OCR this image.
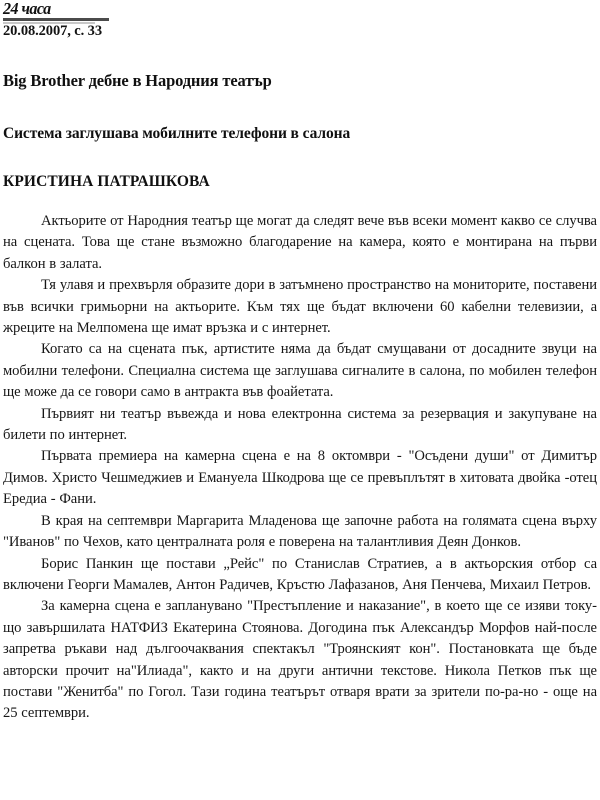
24 часа
20.08.2007, с. 33
Big Brother дебне в Народния театър
Система заглушава мобилните телефони в салона
КРИСТИНА ПАТРАШКОВА

Актьорите от Народния театър ще могат да следят вече във всеки момент какво се случва на сцената. Това ще стане възможно благодарение на камера, която е монтирана на първи балкон в залата.

Тя улавя и прехвърля образите дори в затъмнено пространство на мониторите, поставени във всички гримьорни на актьорите. Към тях ще бъдат включени 60 кабелни телевизии, а жреците на Мелпомена ще имат връзка и с интернет.

Когато са на сцената пък, артистите няма да бъдат смущавани от досадните звуци на мобилни телефони. Специална система ще заглушава сигналите в салона, по мобилен телефон ще може да се говори само в антракта във фоайетата.

Първият ни театър въвежда и нова електронна система за резервация и закупуване на билети по интернет.

Първата премиера на камерна сцена е на 8 октомври - "Осъдени души" от Димитър Димов. Христо Чешмеджиев и Емануела Шкодрова ще се превъплътят в хитовата двойка -отец Ередиа - Фани.

В края на септември Маргарита Младенова ще започне работа на голямата сцена върху "Иванов" по Чехов, като централната роля е поверена на талантливия Деян Донков.

Борис Панкин ще постави „Рейс" по Станислав Стратиев, а в актьорския отбор са включени Георги Мамалев, Антон Радичев, Кръстю Лафазанов, Аня Пенчева, Михаил Петров.

За камерна сцена е запланувано "Престъпление и наказание", в което ще се изяви току-що завършилата НАТФИЗ Екатерина Стоянова. Догодина пък Александър Морфов най-после запретва ръкави над дългоочаквания спектакъл "Троянският кон". Постановката ще бъде авторски прочит на"Илиада", както и на други антични текстове. Никола Петков пък ще постави "Женитба" по Гогол. Тази година театърът отваря врати за зрители по-ра-но - още на 25 септември.
